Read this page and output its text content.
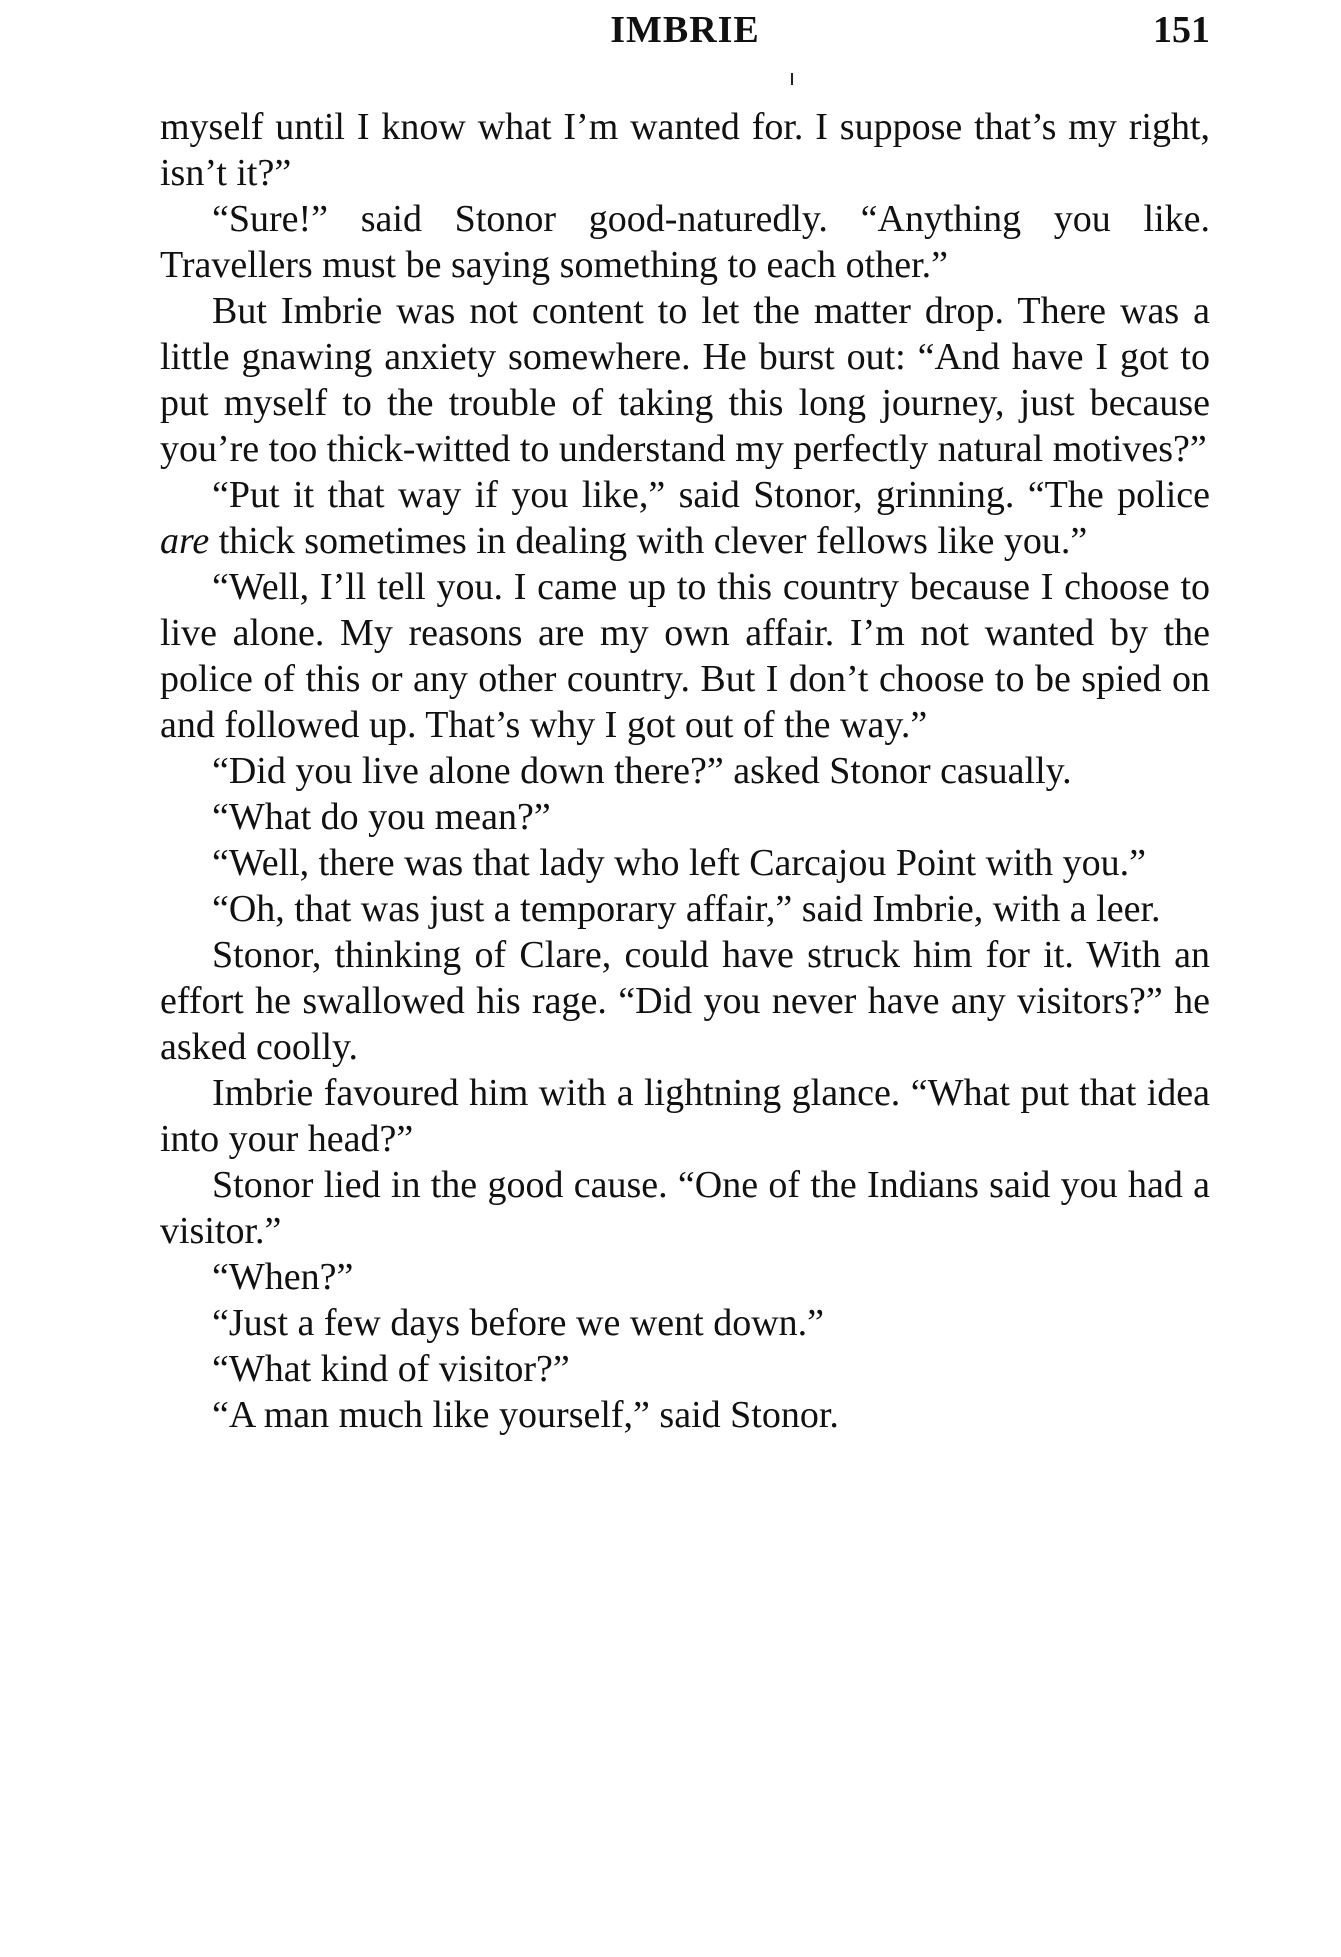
IMBRIE	151

myself until I know what I’m wanted for. I suppose that’s my right, isn’t it?”

“Sure!” said Stonor good-naturedly. “Anything you like. Travellers must be saying something to each other.”

But Imbrie was not content to let the matter drop. There was a little gnawing anxiety somewhere. He burst out: “And have I got to put myself to the trouble of taking this long journey, just because you’re too thick-witted to understand my perfectly natural motives?”

“Put it that way if you like,” said Stonor, grinning. “The police are thick sometimes in dealing with clever fellows like you.”

“Well, I’ll tell you. I came up to this country because I choose to live alone. My reasons are my own affair. I’m not wanted by the police of this or any other country. But I don’t choose to be spied on and followed up. That’s why I got out of the way.”

“Did you live alone down there?” asked Stonor casually.

“What do you mean?”

“Well, there was that lady who left Carcajou Point with you.”

“Oh, that was just a temporary affair,” said Imbrie, with a leer.

Stonor, thinking of Clare, could have struck him for it. With an effort he swallowed his rage. “Did you never have any visitors?” he asked coolly.

Imbrie favoured him with a lightning glance. “What put that idea into your head?”

Stonor lied in the good cause. “One of the Indians said you had a visitor.”

“When?”

“Just a few days before we went down.”

“What kind of visitor?”

“A man much like yourself,” said Stonor.
